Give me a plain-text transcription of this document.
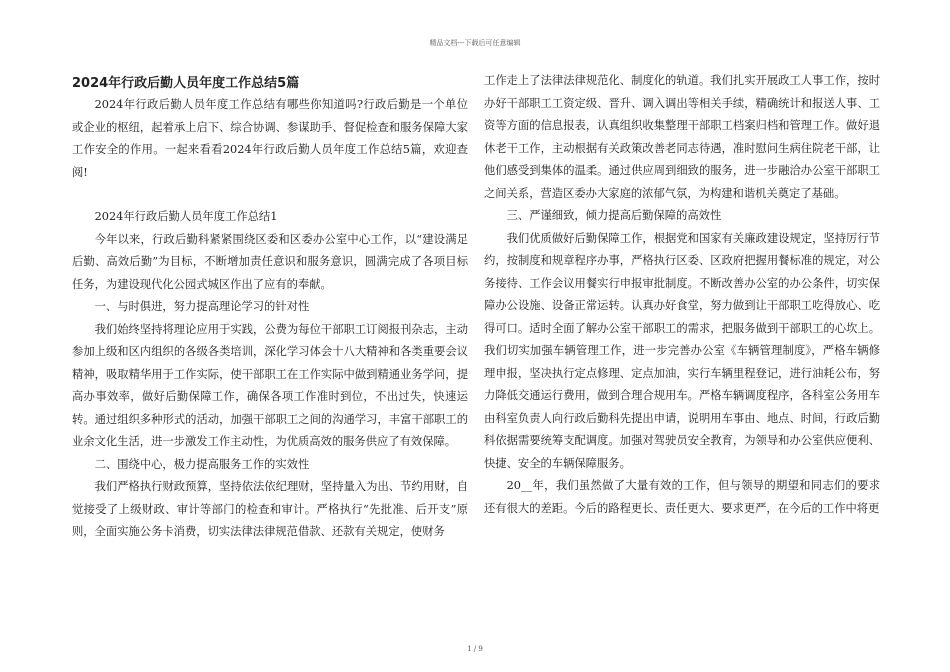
精品文档---下载后可任意编辑

2024年行政后勤人员年度工作总结5篇

2024年行政后勤人员年度工作总结有哪些你知道吗?行政后勤是一个单位或企业的枢纽，起着承上启下、综合协调、参谋助手、督促检查和服务保障大家工作安全的作用。一起来看看2024年行政后勤人员年度工作总结5篇，欢迎查阅!

2024年行政后勤人员年度工作总结1

今年以来，行政后勤科紧紧围绕区委和区委办公室中心工作，以“建设满足后勤、高效后勤”为目标，不断增加责任意识和服务意识，圆满完成了各项目标任务，为建设现代化公园式城区作出了应有的奉献。

一、与时俱进，努力提高理论学习的针对性

我们始终坚持将理论应用于实践，公费为每位干部职工订阅报刊杂志，主动参加上级和区内组织的各级各类培训，深化学习体会十八大精神和各类重要会议精神，吸取精华用于工作实际，使干部职工在工作实际中做到精通业务学问，提高办事效率，做好后勤保障工作，确保各项工作准时到位，不出过失，快速运转。通过组织多种形式的活动，加强干部职工之间的沟通学习，丰富干部职工的业余文化生活，进一步激发工作主动性，为优质高效的服务供应了有效保障。

二、围绕中心，极力提高服务工作的实效性

我们严格执行财政预算，坚持依法依纪理财，坚持量入为出、节约用财，自觉接受了上级财政、审计等部门的检查和审计。严格执行“先批准、后开支”原则，全面实施公务卡消费，切实法律法律规范借款、还款有关规定，使财务

工作走上了法律法律规范化、制度化的轨道。我们扎实开展政工人事工作，按时办好干部职工工资定级、晋升、调入调出等相关手续，精确统计和报送人事、工资等方面的信息报表，认真组织收集整理干部职工档案归档和管理工作。做好退休老干工作，主动根据有关政策改善老同志待遇，准时慰问生病住院老干部，让他们感受到集体的温柔。通过供应周到细致的服务，进一步融洽办公室干部职工之间关系，营造区委办大家庭的浓郁气氛，为构建和谐机关奠定了基础。

三、严谨细致，倾力提高后勤保障的高效性

我们优质做好后勤保障工作，根据党和国家有关廉政建设规定，坚持厉行节约，按制度和规章程序办事，严格执行区委、区政府把握用餐标准的规定，对公务接待、工作会议用餐实行申报审批制度。不断改善办公室的办公条件，切实保障办公设施、设备正常运转。认真办好食堂，努力做到让干部职工吃得放心、吃得可口。适时全面了解办公室干部职工的需求，把服务做到干部职工的心坎上。我们切实加强车辆管理工作，进一步完善办公室《车辆管理制度》，严格车辆修理申报，坚决执行定点修理、定点加油，实行车辆里程登记，进行油耗公布，努力降低交通运行费用，做到合理合规用车。严格车辆调度程序，各科室公务用车由科室负责人向行政后勤科先提出申请，说明用车事由、地点、时间，行政后勤科依据需要统筹支配调度。加强对驾驶员安全教育，为领导和办公室供应便利、快捷、安全的车辆保障服务。

20__年，我们虽然做了大量有效的工作，但与领导的期望和同志们的要求还有很大的差距。今后的路程更长、责任更大、要求更严，在今后的工作中将更

1 / 9
